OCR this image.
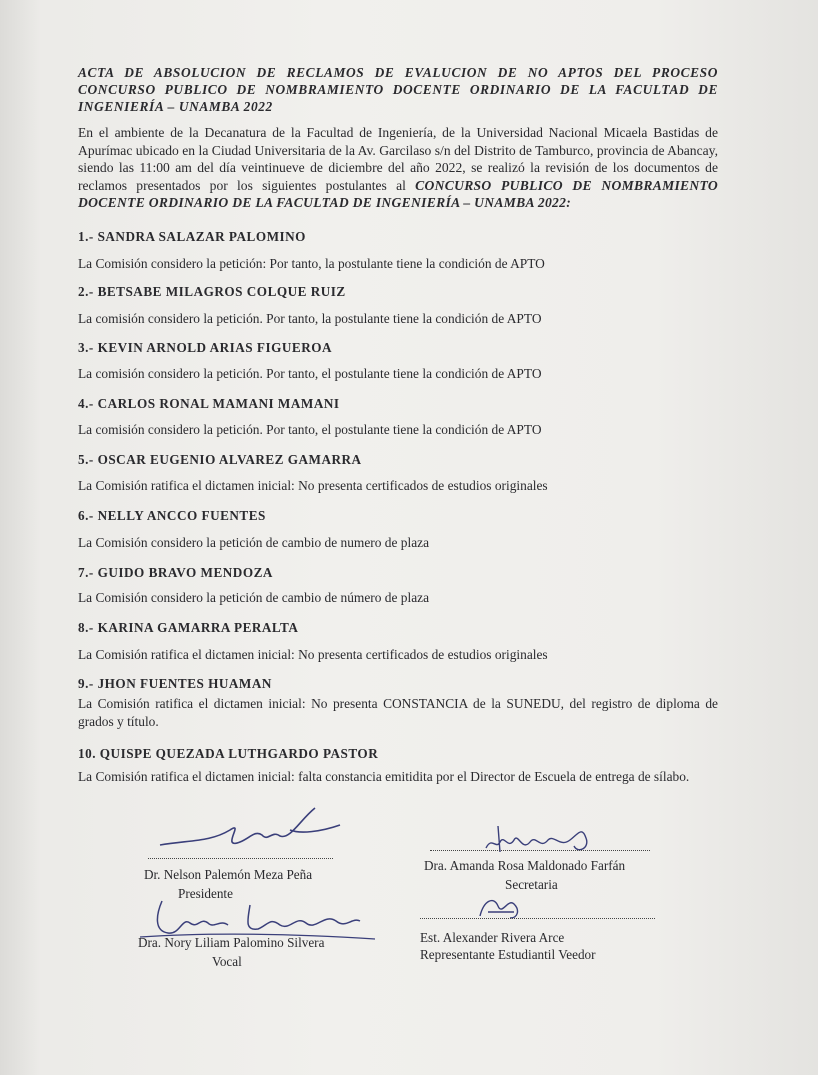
ACTA DE ABSOLUCION DE RECLAMOS DE EVALUCION DE NO APTOS DEL PROCESO CONCURSO PUBLICO DE NOMBRAMIENTO DOCENTE ORDINARIO DE LA FACULTAD DE INGENIERÍA – UNAMBA 2022
En el ambiente de la Decanatura de la Facultad de Ingeniería, de la Universidad Nacional Micaela Bastidas de Apurímac ubicado en la Ciudad Universitaria de la Av. Garcilaso s/n del Distrito de Tamburco, provincia de Abancay, siendo las 11:00 am del día veintinueve de diciembre del año 2022, se realizó la revisión de los documentos de reclamos presentados por los siguientes postulantes al CONCURSO PUBLICO DE NOMBRAMIENTO DOCENTE ORDINARIO DE LA FACULTAD DE INGENIERÍA – UNAMBA 2022:
1.- SANDRA SALAZAR PALOMINO
La Comisión considero la petición: Por tanto, la postulante tiene la condición de APTO
2.- BETSABE MILAGROS COLQUE RUIZ
La comisión considero la petición. Por tanto, la postulante tiene la condición de APTO
3.- KEVIN ARNOLD ARIAS FIGUEROA
La comisión considero la petición. Por tanto, el postulante tiene la condición de APTO
4.- CARLOS RONAL MAMANI MAMANI
La comisión considero la petición. Por tanto, el postulante tiene la condición de APTO
5.- OSCAR EUGENIO ALVAREZ GAMARRA
La Comisión ratifica el dictamen inicial: No presenta certificados de estudios originales
6.- NELLY ANCCO FUENTES
La Comisión considero la petición de cambio de numero de plaza
7.- GUIDO BRAVO MENDOZA
La Comisión considero la petición de cambio de número de plaza
8.- KARINA GAMARRA PERALTA
La Comisión ratifica el dictamen inicial: No presenta certificados de estudios originales
9.- JHON FUENTES HUAMAN
La Comisión ratifica el dictamen inicial: No presenta CONSTANCIA de la SUNEDU, del registro de diploma de grados y título.
10. QUISPE QUEZADA LUTHGARDO PASTOR
La Comisión ratifica el dictamen inicial: falta constancia emitidita por el Director de Escuela de entrega de sílabo.
Dr. Nelson Palemón Meza Peña
Presidente
Dra. Amanda Rosa Maldonado Farfán
Secretaria
Dra. Nory Liliam Palomino Silvera
Vocal
Est. Alexander Rivera Arce
Representante Estudiantil Veedor
